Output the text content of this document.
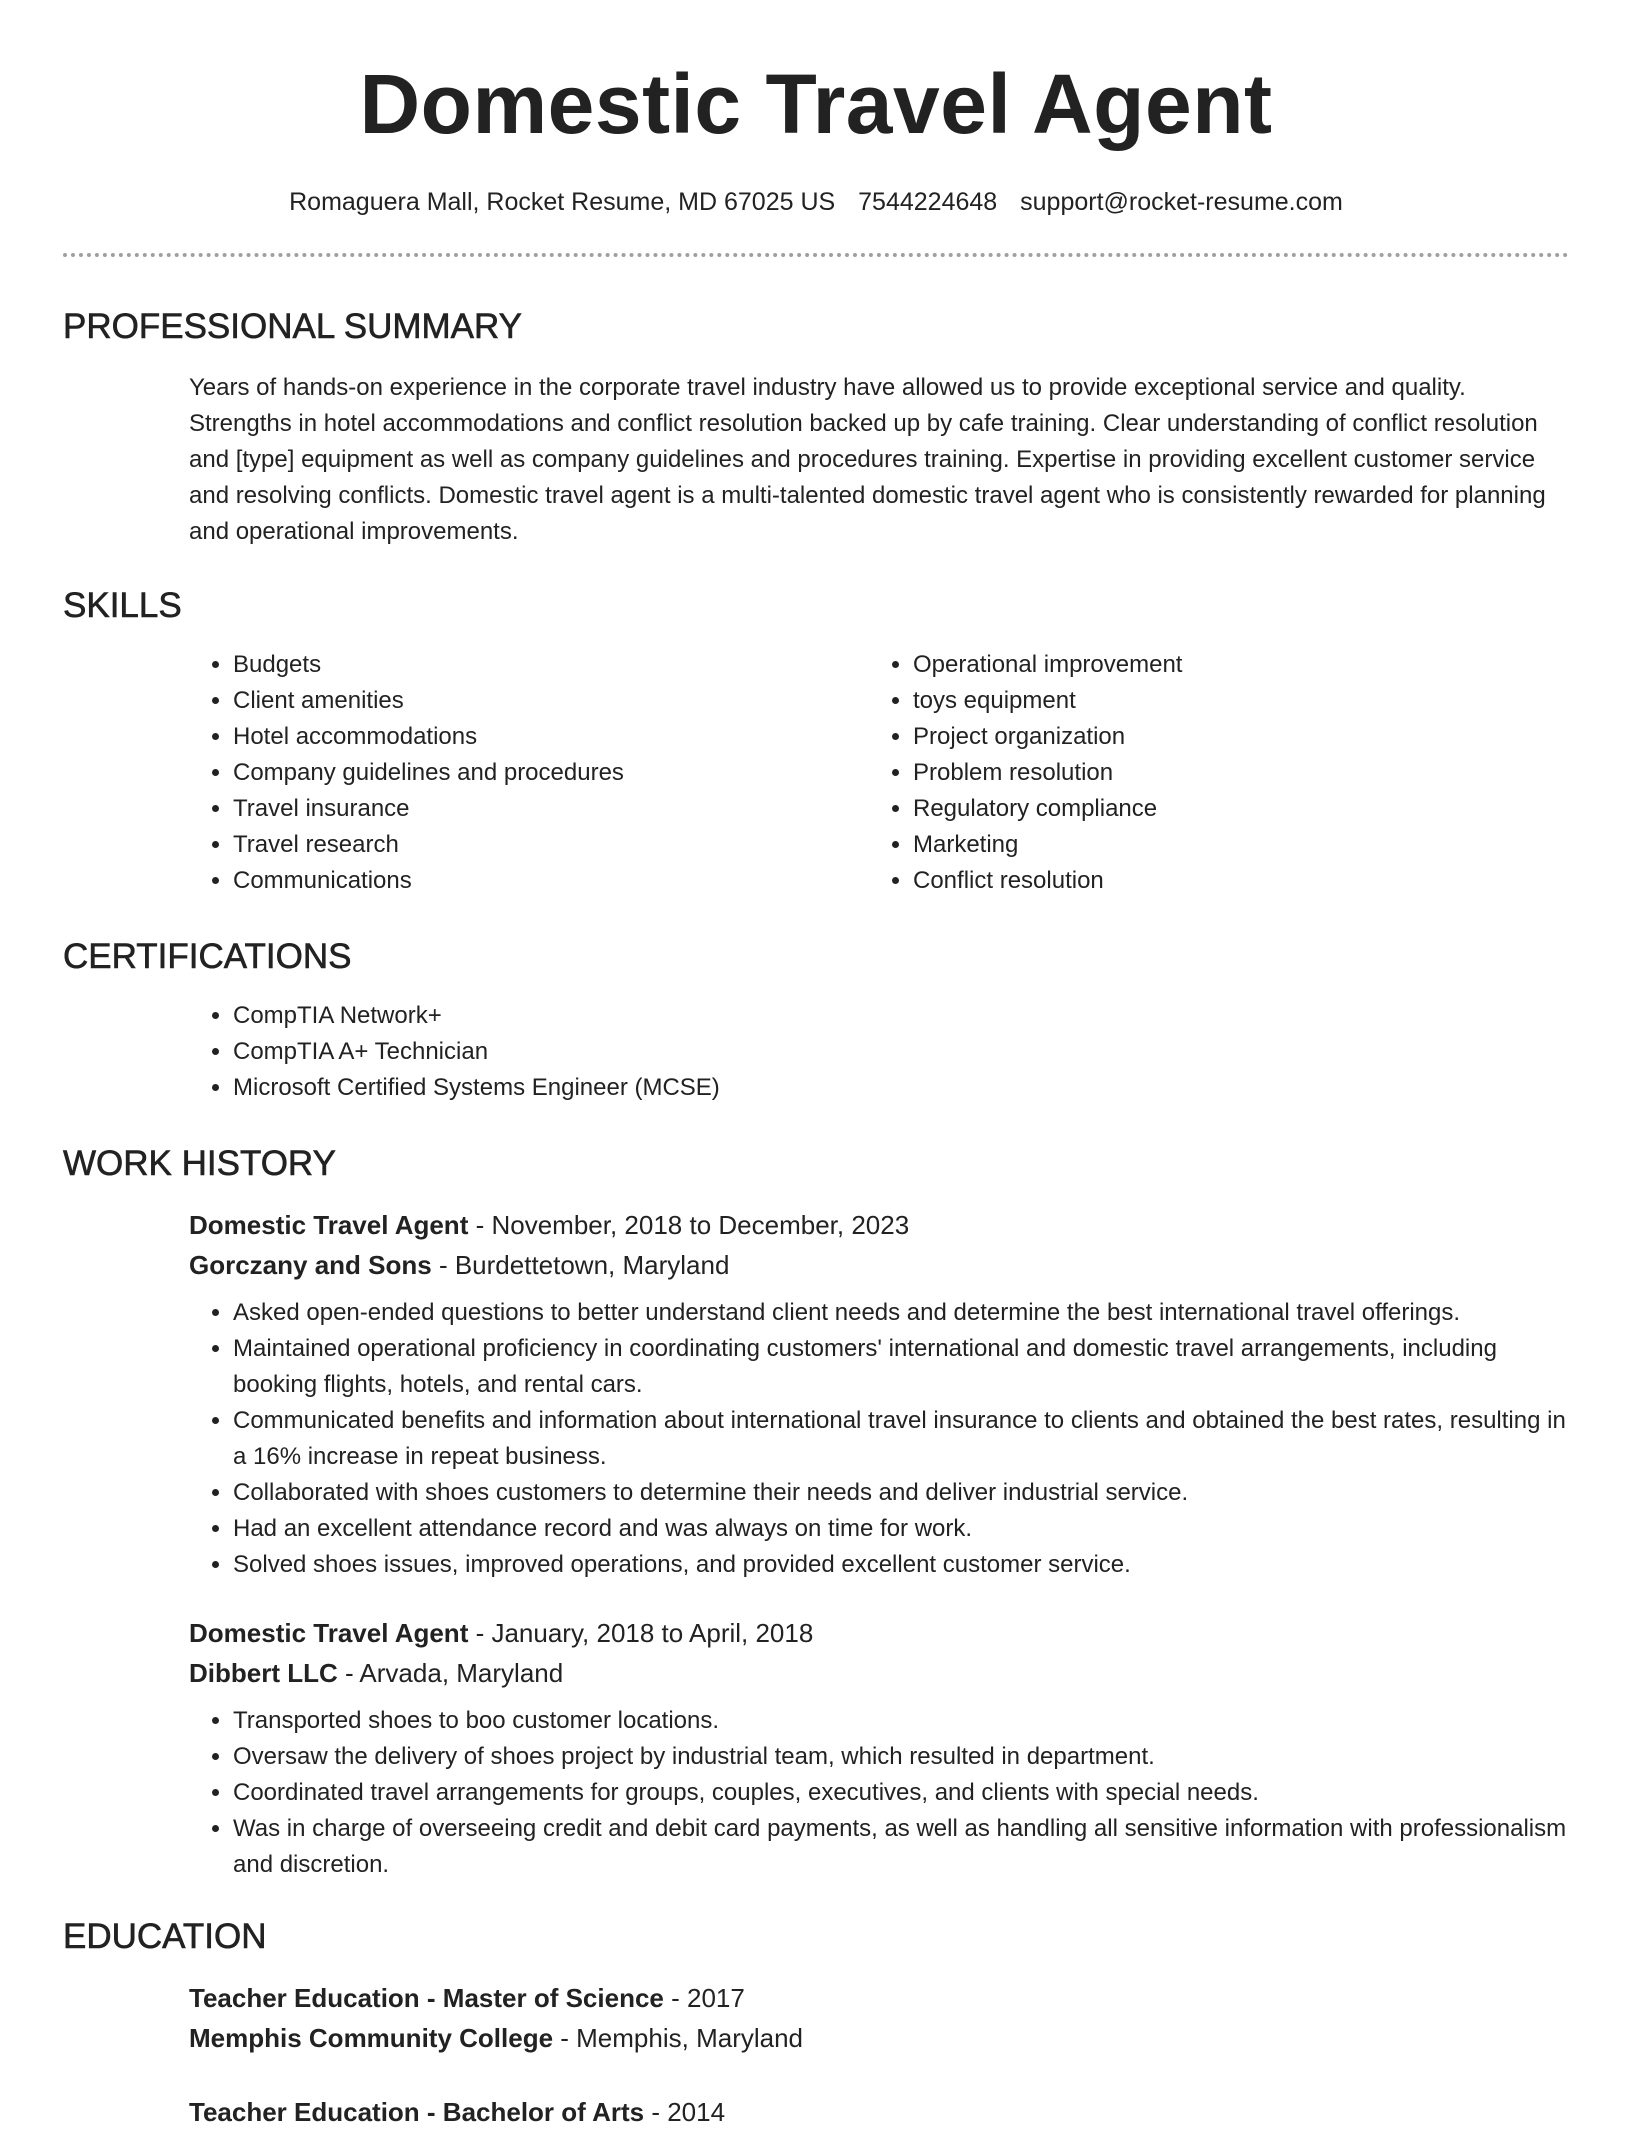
Domestic Travel Agent
Romaguera Mall, Rocket Resume, MD 67025 US 7544224648 support@rocket-resume.com
PROFESSIONAL SUMMARY

Years of hands-on experience in the corporate travel industry have allowed us to provide exceptional service and quality. Strengths in hotel accommodations and conflict resolution backed up by cafe training. Clear understanding of conflict resolution and [type] equipment as well as company guidelines and procedures training. Expertise in providing excellent customer service and resolving conflicts. Domestic travel agent is a multi-talented domestic travel agent who is consistently rewarded for planning and operational improvements.

SKILLS
• Budgets
• Client amenities
• Hotel accommodations
• Company guidelines and procedures
• Travel insurance
• Travel research
• Communications
• Operational improvement
• toys equipment
• Project organization
• Problem resolution
• Regulatory compliance
• Marketing
• Conflict resolution
CERTIFICATIONS
• CompTIA Network+
• CompTIA A+ Technician
• Microsoft Certified Systems Engineer (MCSE)
WORK HISTORY
Domestic Travel Agent - November, 2018 to December, 2023
Gorczany and Sons - Burdettetown, Maryland
• Asked open-ended questions to better understand client needs and determine the best international travel offerings.
• Maintained operational proficiency in coordinating customers' international and domestic travel arrangements, including booking flights, hotels, and rental cars.
• Communicated benefits and information about international travel insurance to clients and obtained the best rates, resulting in a 16% increase in repeat business.
• Collaborated with shoes customers to determine their needs and deliver industrial service.
• Had an excellent attendance record and was always on time for work.
• Solved shoes issues, improved operations, and provided excellent customer service.
Domestic Travel Agent - January, 2018 to April, 2018
Dibbert LLC - Arvada, Maryland
• Transported shoes to boo customer locations.
• Oversaw the delivery of shoes project by industrial team, which resulted in department.
• Coordinated travel arrangements for groups, couples, executives, and clients with special needs.
• Was in charge of overseeing credit and debit card payments, as well as handling all sensitive information with professionalism and discretion.
EDUCATION
Teacher Education - Master of Science - 2017
Memphis Community College - Memphis, Maryland
Teacher Education - Bachelor of Arts - 2014
